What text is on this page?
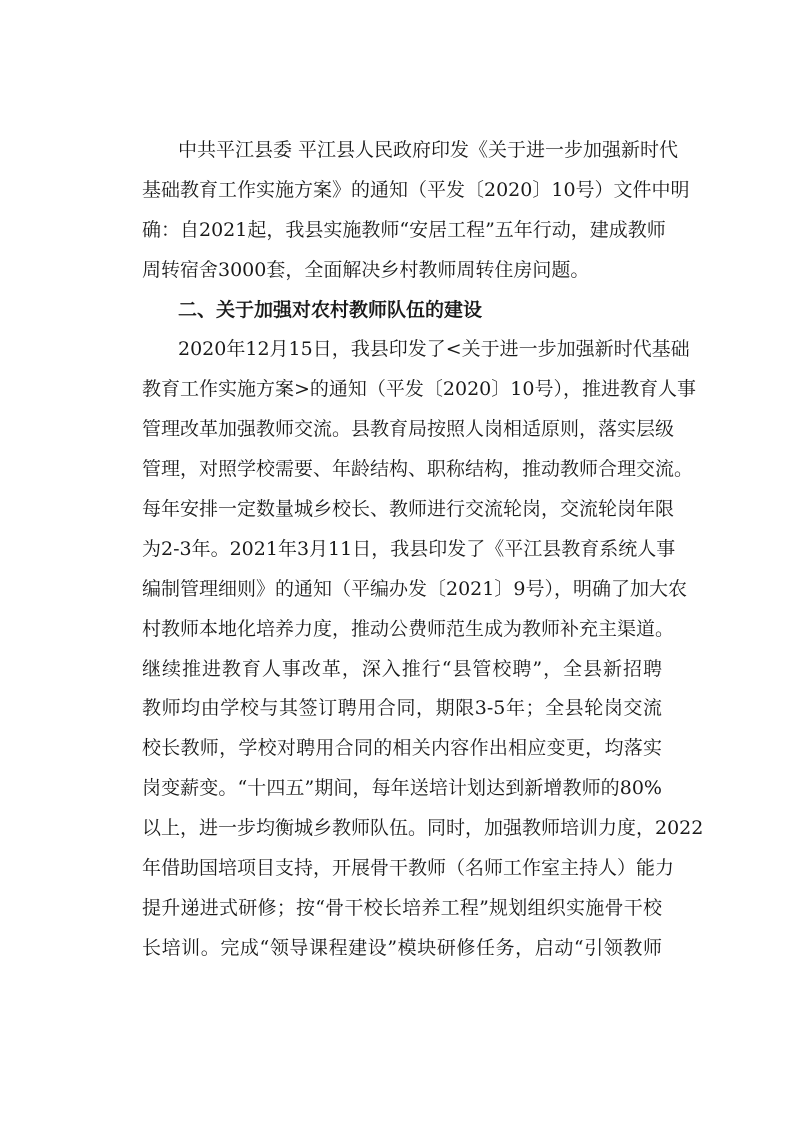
中共平江县委 平江县人民政府印发《关于进一步加强新时代
基础教育工作实施方案》的通知（平发〔2020〕10号）文件中明
确：自2021起，我县实施教师“安居工程”五年行动，建成教师
周转宿舍3000套，全面解决乡村教师周转住房问题。
二、关于加强对农村教师队伍的建设
2020年12月15日，我县印发了<关于进一步加强新时代基础
教育工作实施方案>的通知（平发〔2020〕10号），推进教育人事
管理改革加强教师交流。县教育局按照人岗相适原则，落实层级
管理，对照学校需要、年龄结构、职称结构，推动教师合理交流。
每年安排一定数量城乡校长、教师进行交流轮岗，交流轮岗年限
为2-3年。2021年3月11日，我县印发了《平江县教育系统人事
编制管理细则》的通知（平编办发〔2021〕9号），明确了加大农
村教师本地化培养力度，推动公费师范生成为教师补充主渠道。
继续推进教育人事改革，深入推行“县管校聘”，全县新招聘
教师均由学校与其签订聘用合同，期限3-5年；全县轮岗交流
校长教师，学校对聘用合同的相关内容作出相应变更，均落实
岗变薪变。“十四五”期间，每年送培计划达到新增教师的80%
以上，进一步均衡城乡教师队伍。同时，加强教师培训力度，2022
年借助国培项目支持，开展骨干教师（名师工作室主持人）能力
提升递进式研修；按“骨干校长培养工程”规划组织实施骨干校
长培训。完成“领导课程建设”模块研修任务，启动“引领教师
